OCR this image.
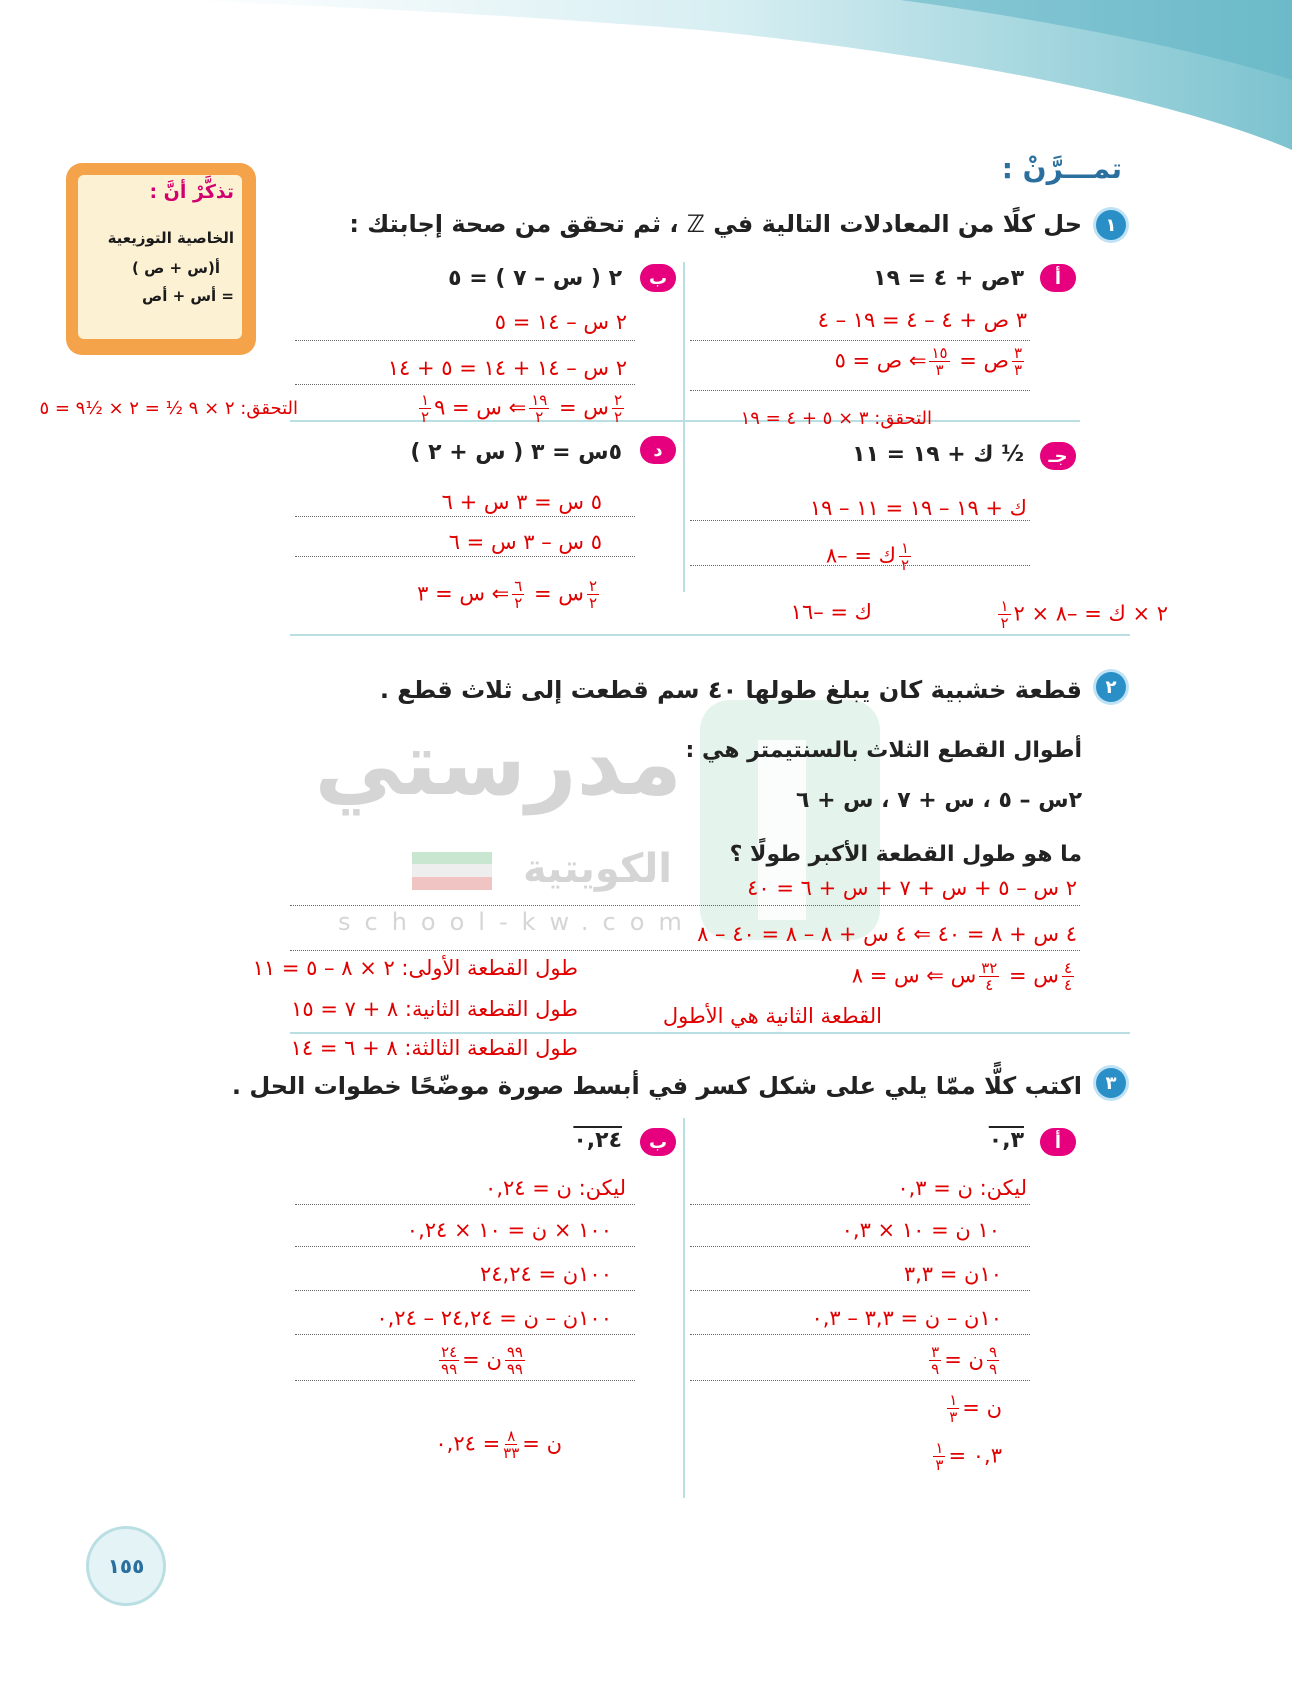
تمـــرَّنْ :
تذكَّرْ أنَّ :
الخاصية التوزيعية
أ(س + ص )
= أس + أص
١
حل كلًا من المعادلات التالية في ℤ ، ثم تحقق من صحة إجابتك :
أ
٣ص + ٤ = ١٩
٣ ص + ٤ – ٤ = ١٩ – ٤
$\frac{٣}{٣}$
ص =
$\frac{١٥}{٣}$
⇐ ص = ٥
التحقق: ٣ × ٥ + ٤ = ١٩
ب
٢ ( س – ٧ ) = ٥
٢ س – ١٤ = ٥
٢ س – ١٤ + ١٤ = ٥ + ١٤
$\frac{٢}{٢}$
س =
$\frac{١٩}{٢}$
⇐ س = ٩
$\frac{١}{٢}$
التحقق: ٢ × ٩ ½ = ٢ × ½٩ = ٥
جـ
½ ك + ١٩ = ١١
ك + ١٩ – ١٩ = ١١ – ١٩
$\frac{١}{٢}$
ك = –٨
ك = –١٦	٢ × ك = –٨ × ٢
$\frac{١}{٢}$
د
٥س = ٣ ( س + ٢ )
٥ س = ٣ س + ٦
٥ س – ٣ س = ٦
$\frac{٢}{٢}$
س =
$\frac{٦}{٢}$
⇐ س = ٣
مدرستي
الكويتية
school-kw.com
٢
قطعة خشبية كان يبلغ طولها ٤٠ سم قطعت إلى ثلاث قطع .
أطوال القطع الثلاث بالسنتيمتر هي :
٢س – ٥ ، س + ٧ ، س + ٦
ما هو طول القطعة الأكبر طولًا ؟
٢ س – ٥ + س + ٧ + س + ٦ = ٤٠
٤ س + ٨ = ٤٠ ⇐ ٤ س + ٨ – ٨ = ٤٠ – ٨
$\frac{٤}{٤}$
س =
$\frac{٣٢}{٤}$
س ⇐ س = ٨
القطعة الثانية هي الأطول
طول القطعة الأولى: ٢ × ٨ – ٥ = ١١
طول القطعة الثانية: ٨ + ٧ = ١٥
طول القطعة الثالثة: ٨ + ٦ = ١٤
٣
اكتب كلًّا ممّا يلي على شكل كسر في أبسط صورة موضّحًا خطوات الحل .
أ
٠,٣
ليكن: ن = ٠,٣
١٠ ن = ١٠ × ٠,٣
١٠ن = ٣,٣
١٠ن – ن = ٣,٣ – ٠,٣
$\frac{٩}{٩}$
ن =
$\frac{٣}{٩}$
ن =
$\frac{١}{٣}$
٠,٣ =
$\frac{١}{٣}$
ب
٠,٢٤
ليكن: ن = ٠,٢٤
١٠٠ × ن = ١٠ × ٠,٢٤
١٠٠ن = ٢٤,٢٤
١٠٠ن – ن = ٢٤,٢٤ – ٠,٢٤
$\frac{٩٩}{٩٩}$
ن =
$\frac{٢٤}{٩٩}$
ن =
$\frac{٨}{٣٣}$
= ٠,٢٤
١٥٥
